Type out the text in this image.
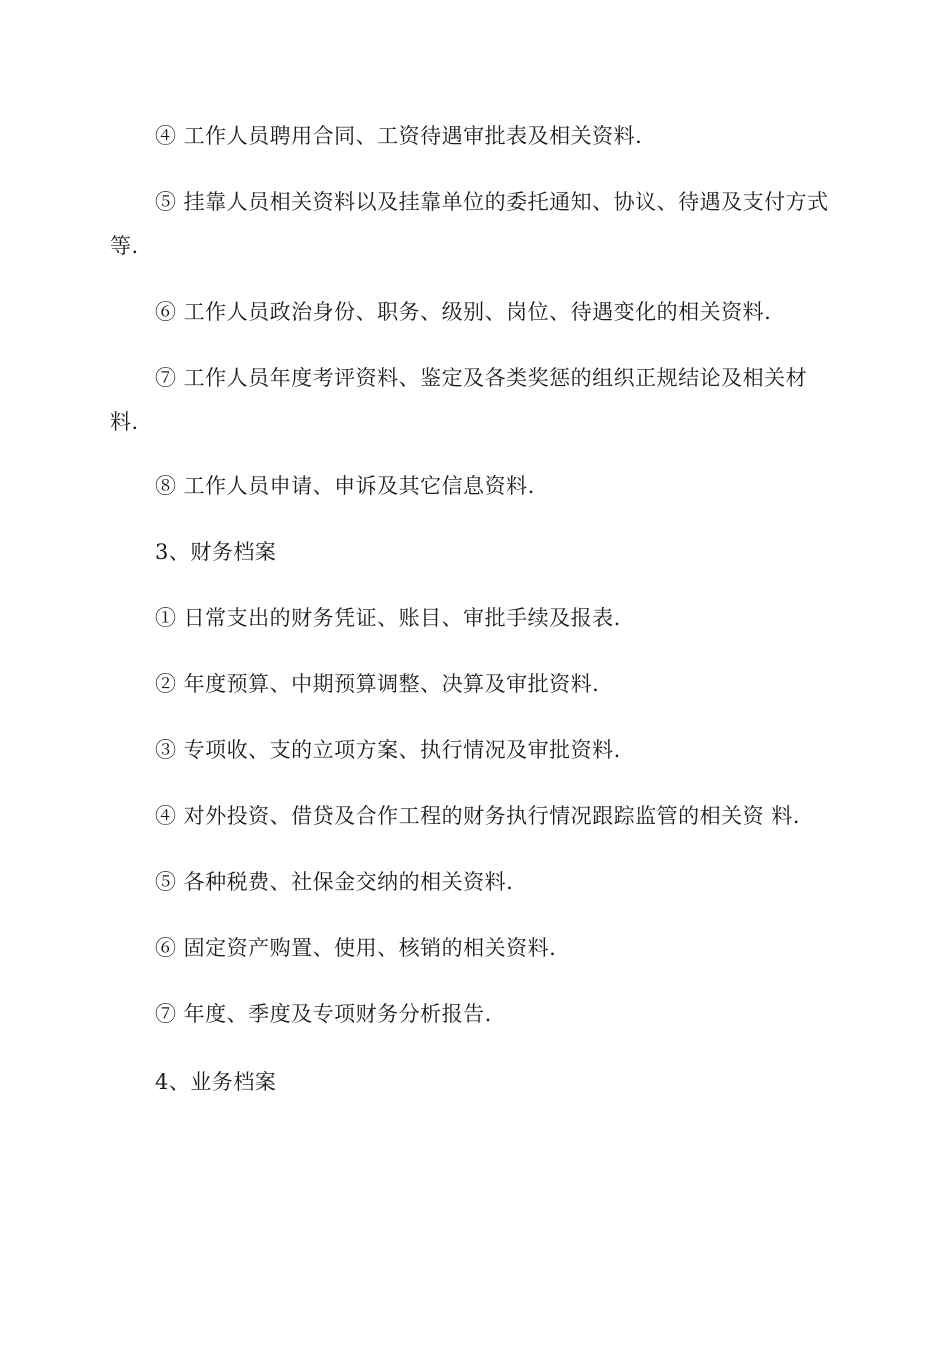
④ 工作人员聘用合同、工资待遇审批表及相关资料.

⑤ 挂靠人员相关资料以及挂靠单位的委托通知、协议、待遇及支付方式等.

⑥ 工作人员政治身份、职务、级别、岗位、待遇变化的相关资料.

⑦ 工作人员年度考评资料、鉴定及各类奖惩的组织正规结论及相关材料.

⑧ 工作人员申请、申诉及其它信息资料.

3、财务档案

① 日常支出的财务凭证、账目、审批手续及报表.

② 年度预算、中期预算调整、决算及审批资料.

③ 专项收、支的立项方案、执行情况及审批资料.

④ 对外投资、借贷及合作工程的财务执行情况跟踪监管的相关资 料.

⑤ 各种税费、社保金交纳的相关资料.

⑥ 固定资产购置、使用、核销的相关资料.

⑦ 年度、季度及专项财务分析报告.

4、业务档案
